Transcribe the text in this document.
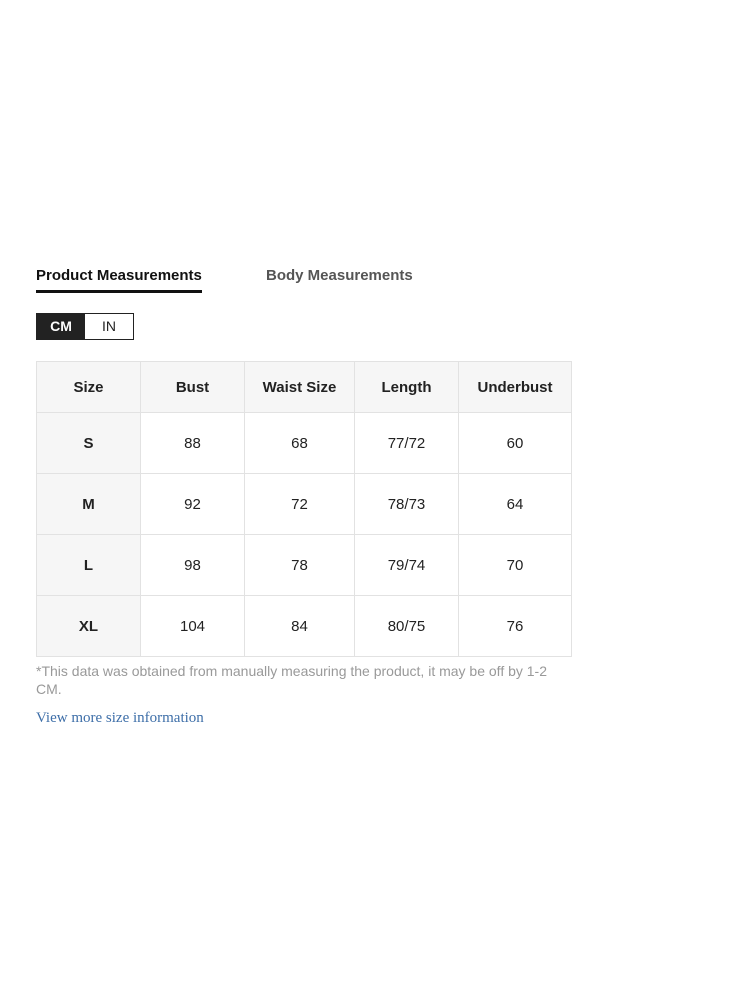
Product Measurements	Body Measurements
CM	IN
Size	Bust	Waist Size	Length	Underbust
S	88	68	77/72	60
M	92	72	78/73	64
L	98	78	79/74	70
XL	104	84	80/75	76
*This data was obtained from manually measuring the product, it may be off by 1-2 CM.
View more size information
